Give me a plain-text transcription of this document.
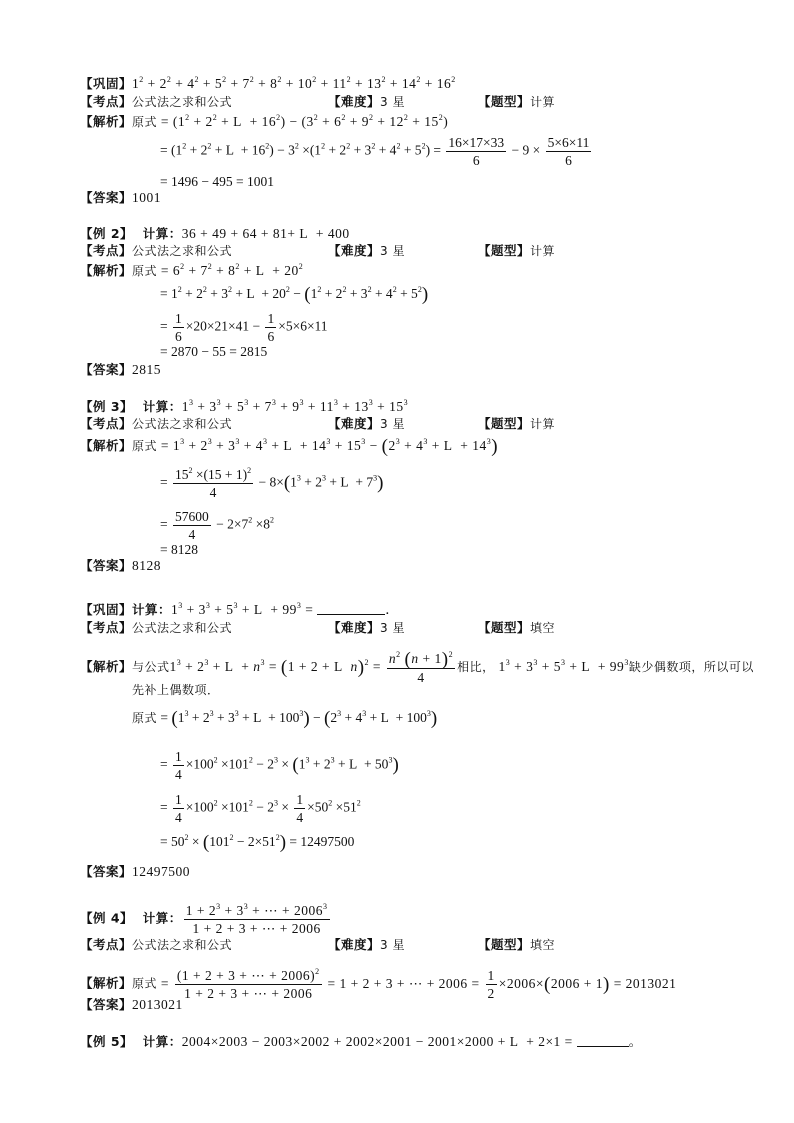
【巩固】$1^2 + 2^2 + 4^2 + 5^2 + 7^2 + 8^2 + 10^2 + 11^2 + 13^2 + 14^2 + 16^2$
【考点】公式法之求和公式	【难度】3 星	【题型】计算
【解析】原式 = $(1^2 + 2^2 + L + 16^2) - (3^2 + 6^2 + 9^2 + 12^2 + 15^2)$
= $(1^2 + 2^2 + L + 16^2) - 3^2 \times(1^2 + 2^2 + 3^2 + 4^2 + 5^2) = \frac{16\times 17\times 33}{6} - 9 \times \frac{5\times 6\times 11}{6}$
= 1496 − 495 = 1001
【答案】1001
【例 2】 计算：36 + 49 + 64 + 81+ L  + 400
【考点】公式法之求和公式	【难度】3 星	【题型】计算
【解析】原式 = $6^2 + 7^2 + 8^2 + L + 20^2$
= $1^2 + 2^2 + 3^2 + L + 20^2 - (1^2 + 2^2 + 3^2 + 4^2 + 5^2)$
= $\frac{1}{6} \times 20\times 21\times 41 - \frac{1}{6} \times 5\times 6\times 11$
= 2870 − 55 = 2815
【答案】2815
【例 3】 计算：$1^3 + 3^3 + 5^3 + 7^3 + 9^3 + 11^3 + 13^3 + 15^3$
【考点】公式法之求和公式	【难度】3 星	【题型】计算
【解析】原式 = $1^3 + 2^3 + 3^3 + 4^3 + L + 14^3 + 15^3 - (2^3 + 4^3 + L + 14^3)$
= $\frac{15^2 \times(15 + 1)^2}{4} - 8\times(1^3 + 2^3 + L + 7^3)$
= $\frac{57600}{4} - 2\times 7^2 \times 8^2$
= 8128
【答案】8128
【巩固】计算：$1^3 + 3^3 + 5^3 + L + 99^3$ =	．
【考点】公式法之求和公式	【难度】3 星	【题型】填空
【解析】与公式$1^3 + 2^3 + L + n^3 = (1 + 2 + L$  $n)^2 = \frac{n^2 (n + 1)^2}{4}$ 相比， $1^3 + 3^3 + 5^3 + L + 99^3$缺少偶数项，所以可以
先补上偶数项．
原式 = $(1^3 + 2^3 + 3^3 + L + 100^3) - (2^3 + 4^3 + L + 100^3)$
= $\frac{1}{4} \times 100^2 \times 101^2 - 2^3 \times (1^3 + 2^3 + L + 50^3)$
= $\frac{1}{4} \times 100^2 \times 101^2 - 2^3 \times \frac{1}{4} \times 50^2 \times 51^2$
= $50^2 \times (101^2 - 2\times 51^2) = 12497500$
【答案】12497500
【例 4】 计算： $\frac{1 + 2^3 + 3^3 + \cdots + 2006^3}{1 + 2 + 3 + \cdots + 2006}$
【考点】公式法之求和公式	【难度】3 星	【题型】填空
【解析】原式 = $\frac{(1 + 2 + 3 + \cdots + 2006)^2}{1 + 2 + 3 + \cdots + 2006} = 1 + 2 + 3$ + ⋯ + $2006 = \frac{1}{2} \times 2006\times(2006 + 1) = 2013021$
【答案】2013021
【例 5】 计算：2004×2003 − 2003×2002 + 2002×2001 − 2001×2000 + L  + 2×1 =	。
